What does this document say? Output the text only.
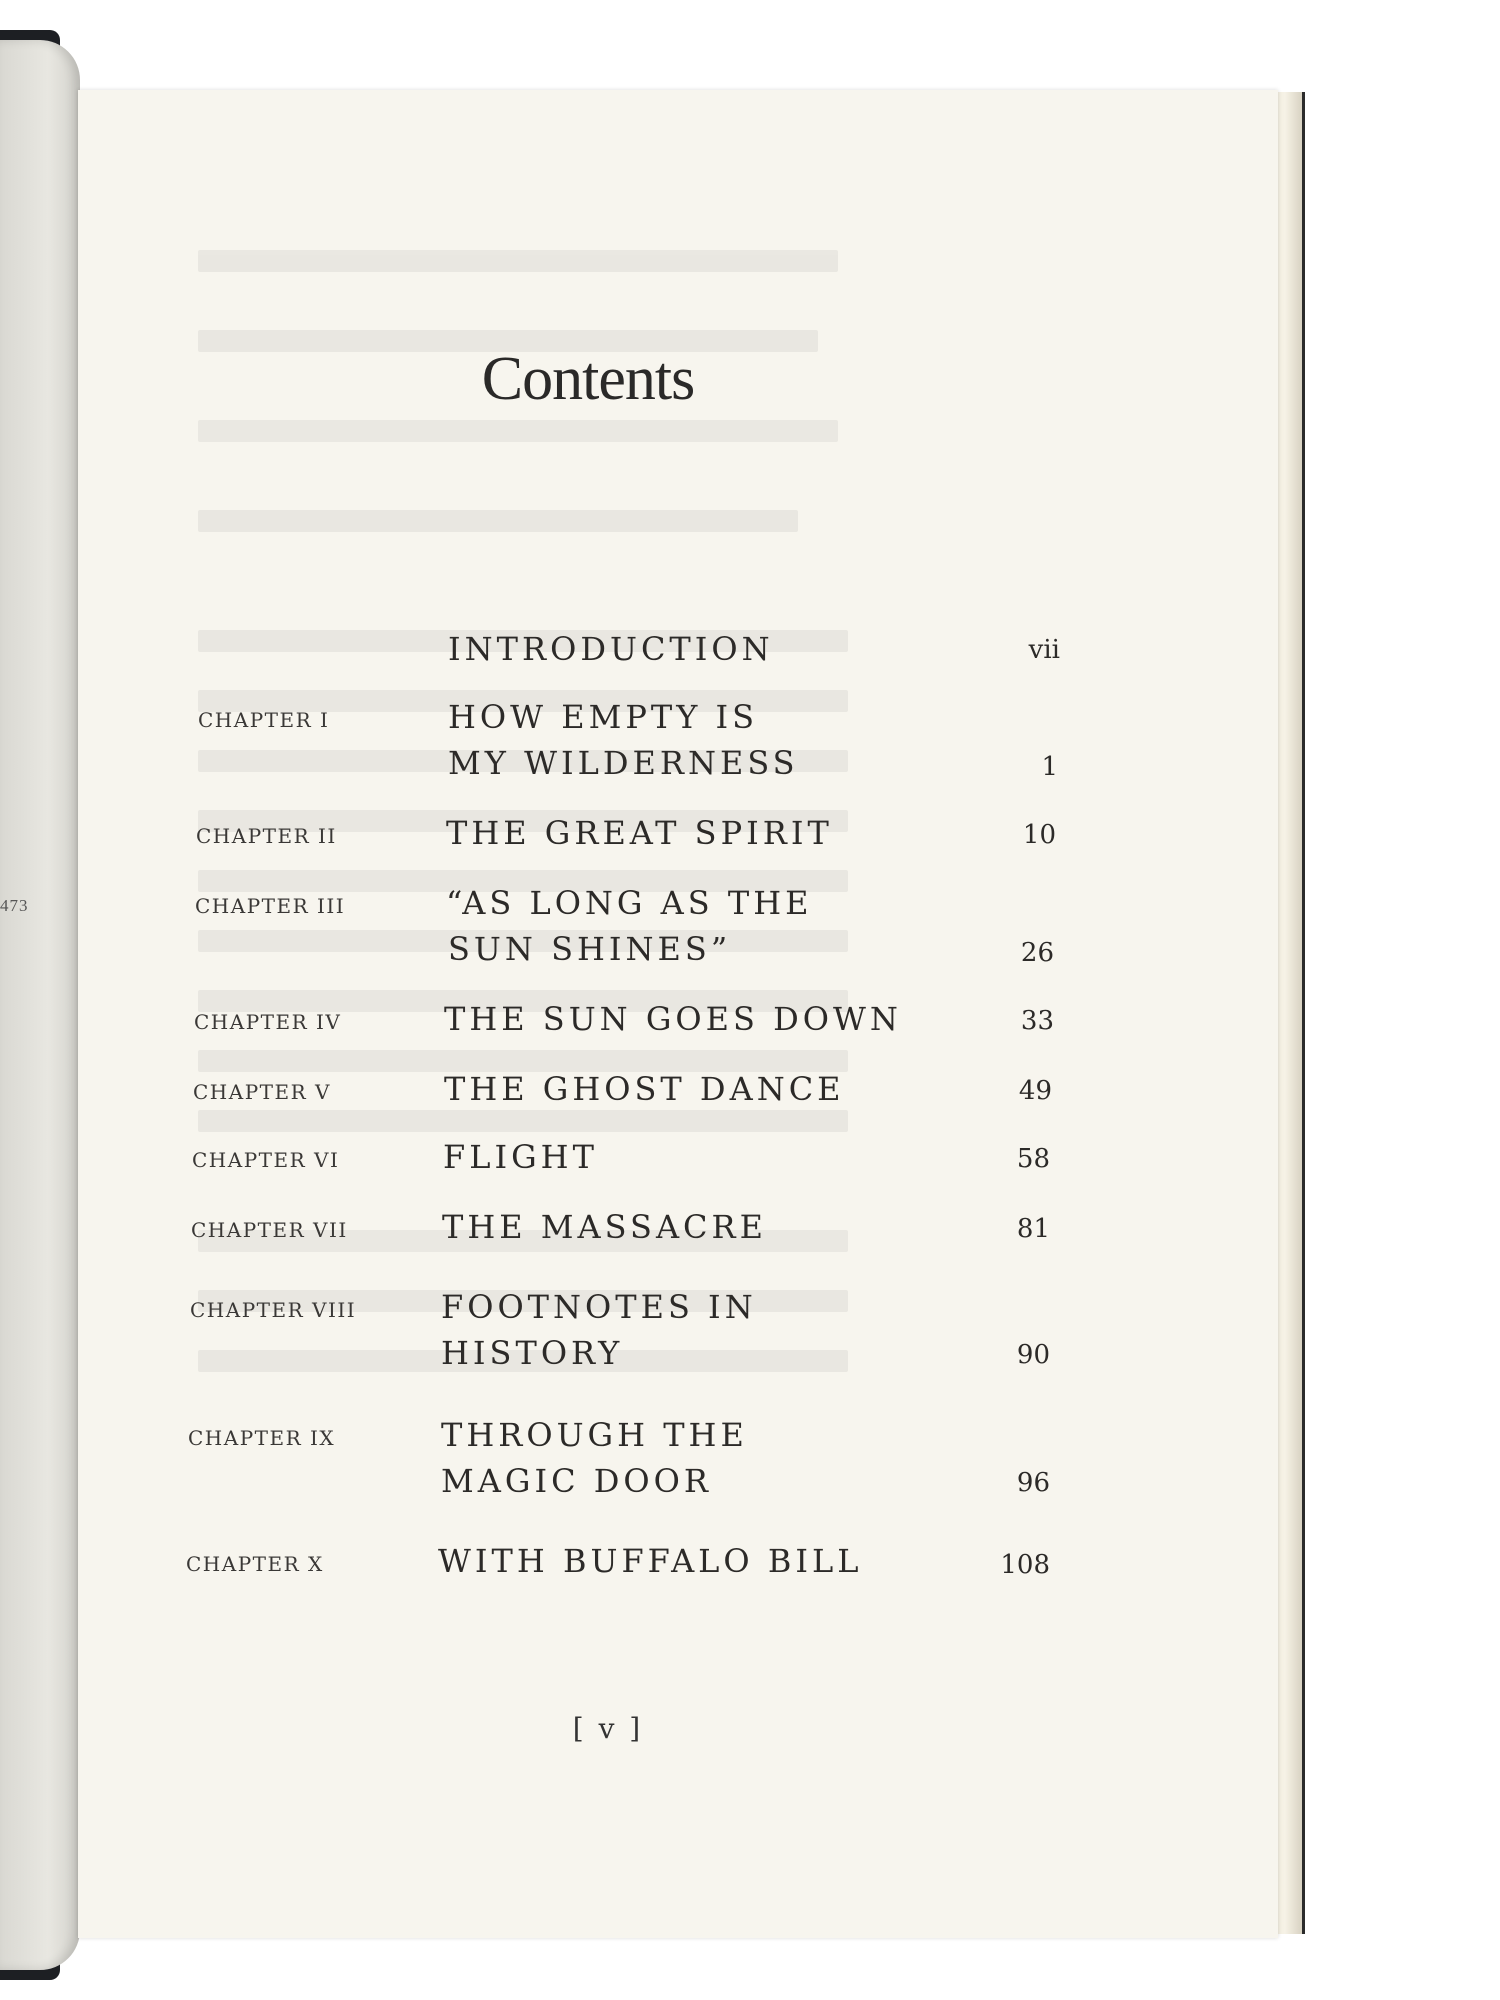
473
Contents
INTRODUCTION	vii
CHAPTER I	HOW EMPTY IS
MY WILDERNESS	1
CHAPTER II	THE GREAT SPIRIT	10
CHAPTER III	“AS LONG AS THE
SUN SHINES”	26
CHAPTER IV	THE SUN GOES DOWN	33
CHAPTER V	THE GHOST DANCE	49
CHAPTER VI	FLIGHT	58
CHAPTER VII	THE MASSACRE	81
CHAPTER VIII	FOOTNOTES IN
HISTORY	90
CHAPTER IX	THROUGH THE
MAGIC DOOR	96
CHAPTER X	WITH BUFFALO BILL	108
[ v ]
